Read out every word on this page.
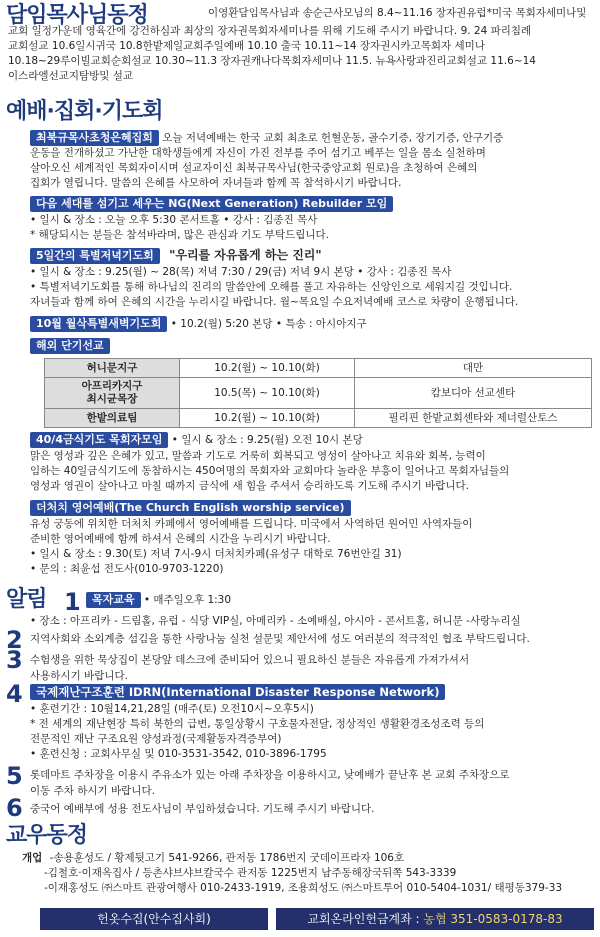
담임목사님동정	이영환담임목사님과 송순근사모님의 8.4~11.16 장자권유럽*미국 목회자세미나및
교회 일정가운데 영육간에 강건하심과 최상의 장자권목회자세미나를 위해 기도해 주시기 바랍니다. 9. 24 파리침례
교회설교 10.6일시귀국 10.8한밭제일교회주일예배 10.10 출국 10.11~14 장자권시카고목회자 세미나
10.18~29루이빌교회순회설교 10.30~11.3 장자권캐나다목회자세미나 11.5. 뉴욕사랑과진리교회설교 11.6~14
이스라엘선교지탐방및 설교
예배·집회·기도회
최북규목사초청은혜집회 오늘 저녁예배는 한국 교회 최초로 헌혈운동, 골수기증, 장기기증, 안구기증
운동을 전개하셨고 가난한 대학생들에게 자신이 가진 전부를 주어 섬기고 베푸는 일을 몸소 실천하며
살아오신 세계적인 목회자이시며 설교자이신 최북규목사님(한국중앙교회 원로)을 초청하여 은혜의
집회가 열립니다. 말씀의 은혜를 사모하여 자녀들과 함께 꼭 참석하시기 바랍니다.
다음 세대를 섬기고 세우는 NG(Next Generation) Rebuilder 모임
• 일시 & 장소 : 오늘 오후 5:30 콘서트홀 • 강사 : 김종진 목사
* 해당되시는 분들은 참석바라며, 많은 관심과 기도 부탁드립니다.
5일간의 특별저녁기도회 "우리를 자유롭게 하는 진리"
• 일시 & 장소 : 9.25(월) ~ 28(목) 저녁 7:30 / 29(금) 저녁 9시 본당 • 강사 : 김종진 목사
• 특별저녁기도회를 통해 하나님의 진리의 말씀안에 오해를 풀고 자유하는 신앙인으로 세워지길 것입니다.
자녀들과 함께 하여 은혜의 시간을 누리시길 바랍니다. 월~목요일 수요저녁예배 코스로 차량이 운행됩니다.
10월 월삭특별새벽기도회 • 10.2(월) 5:20 본당 • 특송 : 아시아지구
해외 단기선교
허니문지구	10.2(월) ~ 10.10(화)	대만
아프리카지구
최시균목장	10.5(목) ~ 10.10(화)	캄보디아 선교센타
한밭의료팀	10.2(월) ~ 10.10(화)	필리핀 한밭교회센타와 제너럴산토스
40/4금식기도 목회자모임 • 일시 & 장소 : 9.25(월) 오전 10시 본당
맑은 영성과 깊은 은혜가 있고, 말씀과 기도로 거룩히 회복되고 영성이 살아나고 치유와 회복, 능력이
임하는 40일금식기도에 동참하시는 450여명의 목회자와 교회마다 놀라운 부흥이 일어나고 목회자님들의
영성과 영권이 살아나고 마칠 때까지 금식에 새 힘을 주셔서 승리하도록 기도해 주시기 바랍니다.
더처치 영어예배(The Church English worship service)
유성 궁동에 위치한 더처치 카페에서 영어예배를 드립니다. 미국에서 사역하던 원어민 사역자들이
준비한 영어예배에 함께 하셔서 은혜의 시간을 누리시기 바랍니다.
• 일시 & 장소 : 9.30(토) 저녁 7시-9시 더처치카페(유성구 대학로 76번안길 31)
• 문의 : 최윤섭 전도사(010-9703-1220)
알림 1	목자교육 • 매주일오후 1:30
• 장소 : 아프리카 - 드림홀, 유럽 - 식당 VIP실, 아메리카 - 소예배실, 아시아 - 콘서트홀, 허니문 -사랑누리실
2 지역사회와 소외계층 섬김을 통한 사랑나눔 실천 설문및 제안서에 성도 여러분의 적극적인 협조 부탁드립니다.
3 수험생을 위한 묵상집이 본당앞 데스크에 준비되어 있으니 필요하신 분들은 자유롭게 가져가셔서
사용하시기 바랍니다.
4	국제재난구조훈련 IDRN(International Disaster Response Network)
• 훈련기간 : 10월14,21,28일 (매주(토) 오전10시~오후5시)
* 전 세계의 재난현장 특히 북한의 급변, 통일상황시 구호물자전달, 정상적인 생활환경조성조력 등의
전문적인 재난 구조요원 양성과정(국제활동자격증부여)
• 훈련신청 : 교회사무실 및 010-3531-3542, 010-3896-1795
5 롯데마트 주차장을 이용시 주유소가 있는 아래 주차장을 이용하시고, 낮예배가 끝난후 본 교회 주차장으로
이동 주차 하시기 바랍니다.
6 중국어 예배부에 성용 전도사님이 부임하셨습니다. 기도해 주시기 바랍니다.
교우동정
개업 -송용훈성도 / 황제뒷고기 541-9266, 관저동 1786번지 굿데이프라자 106호
-김철호·이재옥집사 / 등촌샤브샤브칼국수 관저동 1225번지 남주동해장국뒤쪽 543-3339
-이재홍성도 ㈜스마트 관광여행사 010-2433-1919, 조용희성도 ㈜스마트투어 010-5404-1031/ 태평동379-33
헌옷수집(안수집사회)	교회온라인헌금계좌 : 농협 351-0583-0178-83
